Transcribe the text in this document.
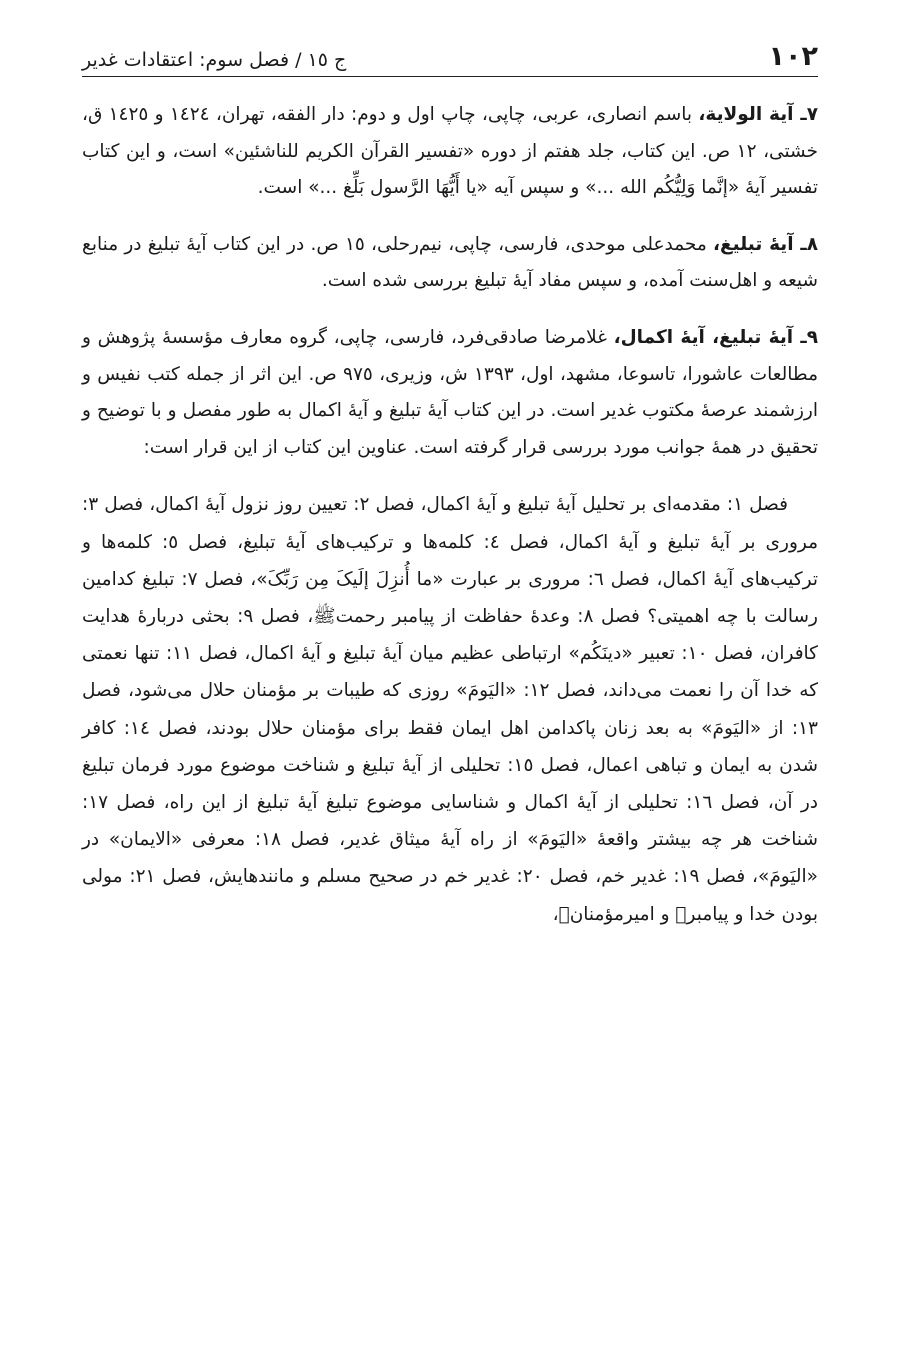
١٠٢
ج ١٥ / فصل سوم: اعتقادات غدیر

٧ـ آیة الولایة، باسم انصاری، عربی، چاپی، چاپ اول و دوم: دار الفقه، تهران، ١٤٢٤ و ١٤٢٥ ق، خشتی، ١٢ ص. این کتاب، جلد هفتم از دوره «تفسیر القرآن الکریم للناشئین» است، و این کتاب تفسیر آیهٔ «إنَّما وَلِیُّکُم الله ...» و سپس آیه «یا أَیُّهَا الرَّسول بَلِّغ ...» است.

٨ـ آیهٔ تبلیغ، محمدعلی موحدی، فارسی، چاپی، نیم‌رحلی، ١٥ ص. در این کتاب آیهٔ تبلیغ در منابع شیعه و اهل‌سنت آمده، و سپس مفاد آیهٔ تبلیغ بررسی شده است.

٩ـ آیهٔ تبلیغ، آیهٔ اکمال، غلامرضا صادقی‌فرد، فارسی، چاپی، گروه معارف مؤسسهٔ پژوهش و مطالعات عاشورا، تاسوعا، مشهد، اول، ١٣٩٣ ش، وزیری، ٩٧٥ ص. این اثر از جمله کتب نفیس و ارزشمند عرصهٔ مکتوب غدیر است. در این کتاب آیهٔ تبلیغ و آیهٔ اکمال به طور مفصل و با توضیح و تحقیق در همهٔ جوانب مورد بررسی قرار گرفته است. عناوین این کتاب از این قرار است:

فصل ١: مقدمه‌ای بر تحلیل آیهٔ تبلیغ و آیهٔ اکمال، فصل ٢: تعیین روز نزول آیهٔ اکمال، فصل ٣: مروری بر آیهٔ تبلیغ و آیهٔ اکمال، فصل ٤: کلمه‌ها و ترکیب‌های آیهٔ تبلیغ، فصل ٥: کلمه‌ها و ترکیب‌های آیهٔ اکمال، فصل ٦: مروری بر عبارت «ما أُنزِلَ إلَیکَ مِن رَبِّکَ»، فصل ٧: تبلیغ کدامین رسالت با چه اهمیتی؟ فصل ٨: وعدهٔ حفاظت از پیامبر رحمتﷺ، فصل ٩: بحثی دربارهٔ هدایت کافران، فصل ١٠: تعبیر «دینَکُم» ارتباطی عظیم میان آیهٔ تبلیغ و آیهٔ اکمال، فصل ١١: تنها نعمتی که خدا آن را نعمت می‌داند، فصل ١٢: «الیَومَ» روزی که طیبات بر مؤمنان حلال می‌شود، فصل ١٣: از «الیَومَ» به بعد زنان پاکدامن اهل ایمان فقط برای مؤمنان حلال بودند، فصل ١٤: کافر شدن به ایمان و تباهی اعمال، فصل ١٥: تحلیلی از آیهٔ تبلیغ و شناخت موضوع مورد فرمان تبلیغ در آن، فصل ١٦: تحلیلی از آیهٔ اکمال و شناسایی موضوع تبلیغ آیهٔ تبلیغ از این راه، فصل ١٧: شناخت هر چه بیشتر واقعهٔ «الیَومَ» از راه آیهٔ میثاق غدیر، فصل ١٨: معرفی «الایمان» در «الیَومَ»، فصل ١٩: غدیر خم، فصل ٢٠: غدیر خم در صحیح مسلم و مانندهایش، فصل ٢١: مولی بودن خدا و پیامبرﷺ و امیرمؤمنانؑ،
